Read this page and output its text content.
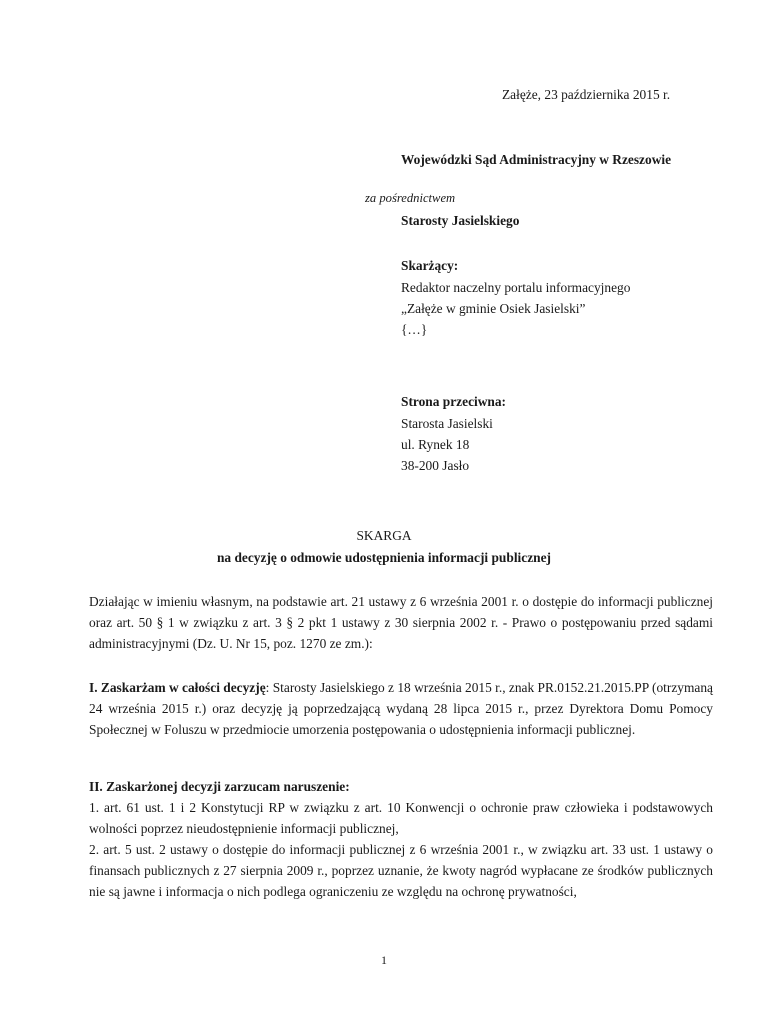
Załęże, 23 października 2015 r.
Wojewódzki Sąd Administracyjny w Rzeszowie
za pośrednictwem
Starosty Jasielskiego
Skarżący:
Redaktor naczelny portalu informacyjnego
„Załęże w gminie Osiek Jasielski”
{…}
Strona przeciwna:
Starosta Jasielski
ul. Rynek 18
38-200 Jasło
SKARGA
na decyzję o odmowie udostępnienia informacji publicznej

Działając w imieniu własnym, na podstawie art. 21 ustawy z 6 września 2001 r. o dostępie do informacji publicznej oraz art. 50 § 1 w związku z art. 3 § 2 pkt 1 ustawy z 30 sierpnia 2002 r. - Prawo o postępowaniu przed sądami administracyjnymi (Dz. U. Nr 15, poz. 1270 ze zm.):

I. Zaskarżam w całości decyzję: Starosty Jasielskiego z 18 września 2015 r., znak PR.0152.21.2015.PP (otrzymaną 24 września 2015 r.) oraz decyzję ją poprzedzającą wydaną 28 lipca 2015 r., przez Dyrektora Domu Pomocy Społecznej w Foluszu w przedmiocie umorzenia postępowania o udostępnienia informacji publicznej.

II. Zaskarżonej decyzji zarzucam naruszenie:

1. art. 61 ust. 1 i 2 Konstytucji RP w związku z art. 10 Konwencji o ochronie praw człowieka i podstawowych wolności poprzez nieudostępnienie informacji publicznej,

2. art. 5 ust. 2 ustawy o dostępie do informacji publicznej z 6 września 2001 r., w związku art. 33 ust. 1 ustawy o finansach publicznych z 27 sierpnia 2009 r., poprzez uznanie, że kwoty nagród wypłacane ze środków publicznych nie są jawne i informacja o nich podlega ograniczeniu ze względu na ochronę prywatności,

1
